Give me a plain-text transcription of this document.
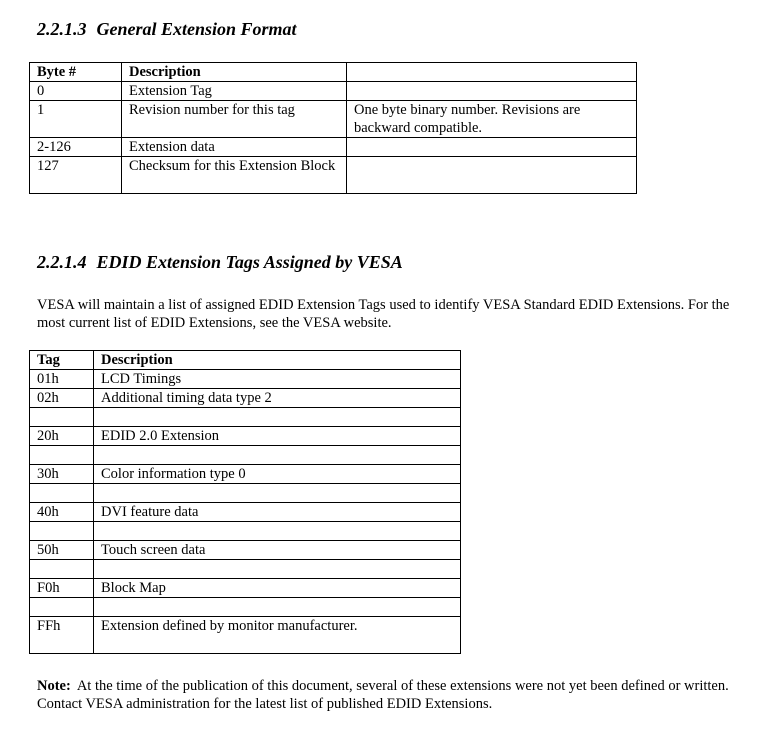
2.2.1.3 General Extension Format
Byte #	Description	
0	Extension Tag	
1	Revision number for this tag	One byte binary number. Revisions are backward compatible.
2-126	Extension data	
127	Checksum for this Extension Block	
2.2.1.4 EDID Extension Tags Assigned by VESA

VESA will maintain a list of assigned EDID Extension Tags used to identify VESA Standard EDID Extensions. For the most current list of EDID Extensions, see the VESA website.

Tag	Description
01h	LCD Timings
02h	Additional timing data type 2

20h	EDID 2.0 Extension

30h	Color information type 0

40h	DVI feature data

50h	Touch screen data

F0h	Block Map

FFh	Extension defined by monitor manufacturer.

Note: At the time of the publication of this document, several of these extensions were not yet been defined or written. Contact VESA administration for the latest list of published EDID Extensions.
